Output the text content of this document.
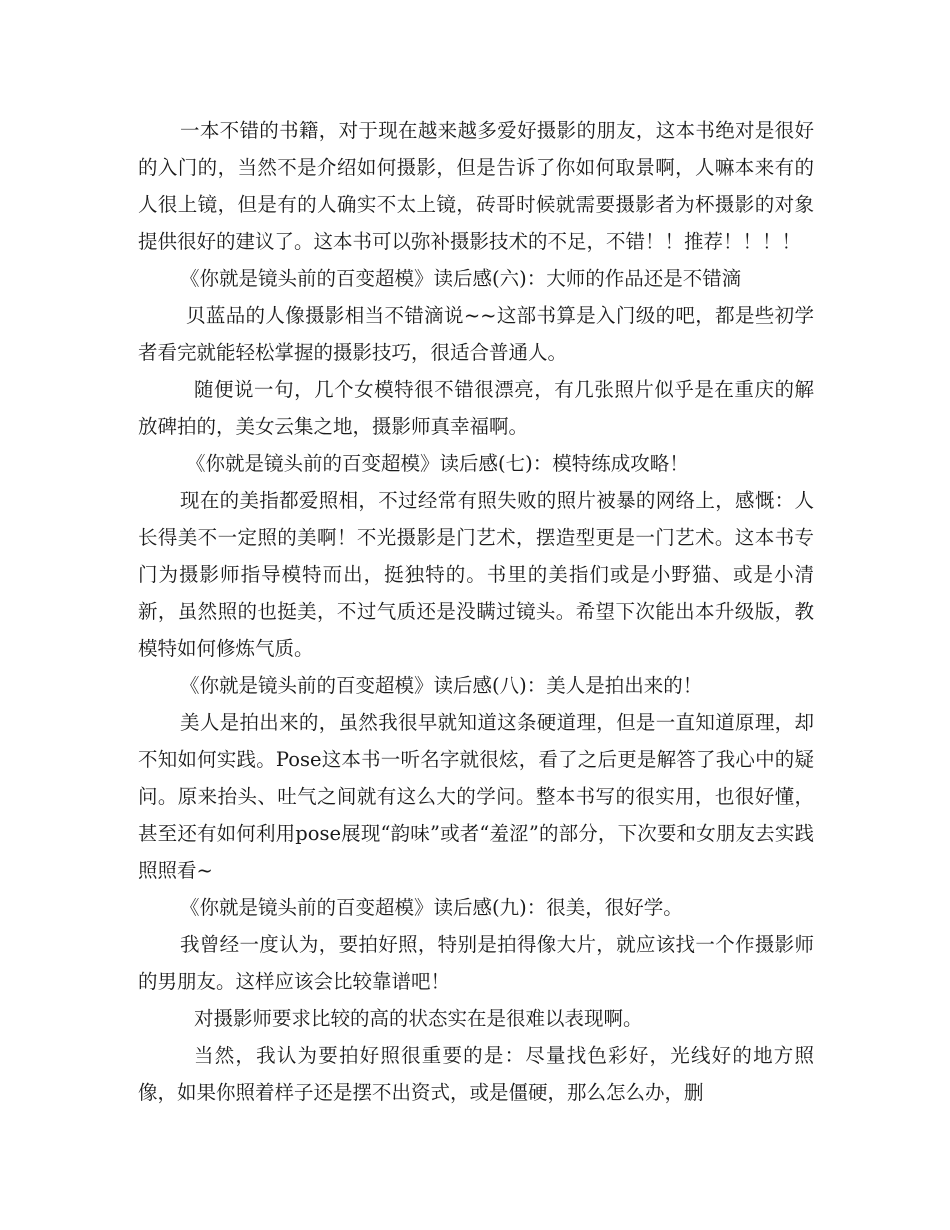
一本不错的书籍，对于现在越来越多爱好摄影的朋友，这本书绝对是很好的入门的，当然不是介绍如何摄影，但是告诉了你如何取景啊，人嘛本来有的人很上镜，但是有的人确实不太上镜，砖哥时候就需要摄影者为杯摄影的对象提供很好的建议了。这本书可以弥补摄影技术的不足，不错！！推荐！！！！

《你就是镜头前的百变超模》读后感(六)：大师的作品还是不错滴

贝蓝品的人像摄影相当不错滴说~~这部书算是入门级的吧，都是些初学者看完就能轻松掌握的摄影技巧，很适合普通人。

随便说一句，几个女模特很不错很漂亮，有几张照片似乎是在重庆的解放碑拍的，美女云集之地，摄影师真幸福啊。

《你就是镜头前的百变超模》读后感(七)：模特练成攻略！

现在的美指都爱照相，不过经常有照失败的照片被暴的网络上，感慨：人长得美不一定照的美啊！不光摄影是门艺术，摆造型更是一门艺术。这本书专门为摄影师指导模特而出，挺独特的。书里的美指们或是小野猫、或是小清新，虽然照的也挺美，不过气质还是没瞒过镜头。希望下次能出本升级版，教模特如何修炼气质。

《你就是镜头前的百变超模》读后感(八)：美人是拍出来的！

美人是拍出来的，虽然我很早就知道这条硬道理，但是一直知道原理，却不知如何实践。Pose这本书一听名字就很炫，看了之后更是解答了我心中的疑问。原来抬头、吐气之间就有这么大的学问。整本书写的很实用，也很好懂，甚至还有如何利用pose展现“韵味”或者“羞涩”的部分，下次要和女朋友去实践照照看~

《你就是镜头前的百变超模》读后感(九)：很美，很好学。

我曾经一度认为，要拍好照，特别是拍得像大片，就应该找一个作摄影师的男朋友。这样应该会比较靠谱吧！

对摄影师要求比较的高的状态实在是很难以表现啊。

当然，我认为要拍好照很重要的是：尽量找色彩好，光线好的地方照像，如果你照着样子还是摆不出资式，或是僵硬，那么怎么办，删
